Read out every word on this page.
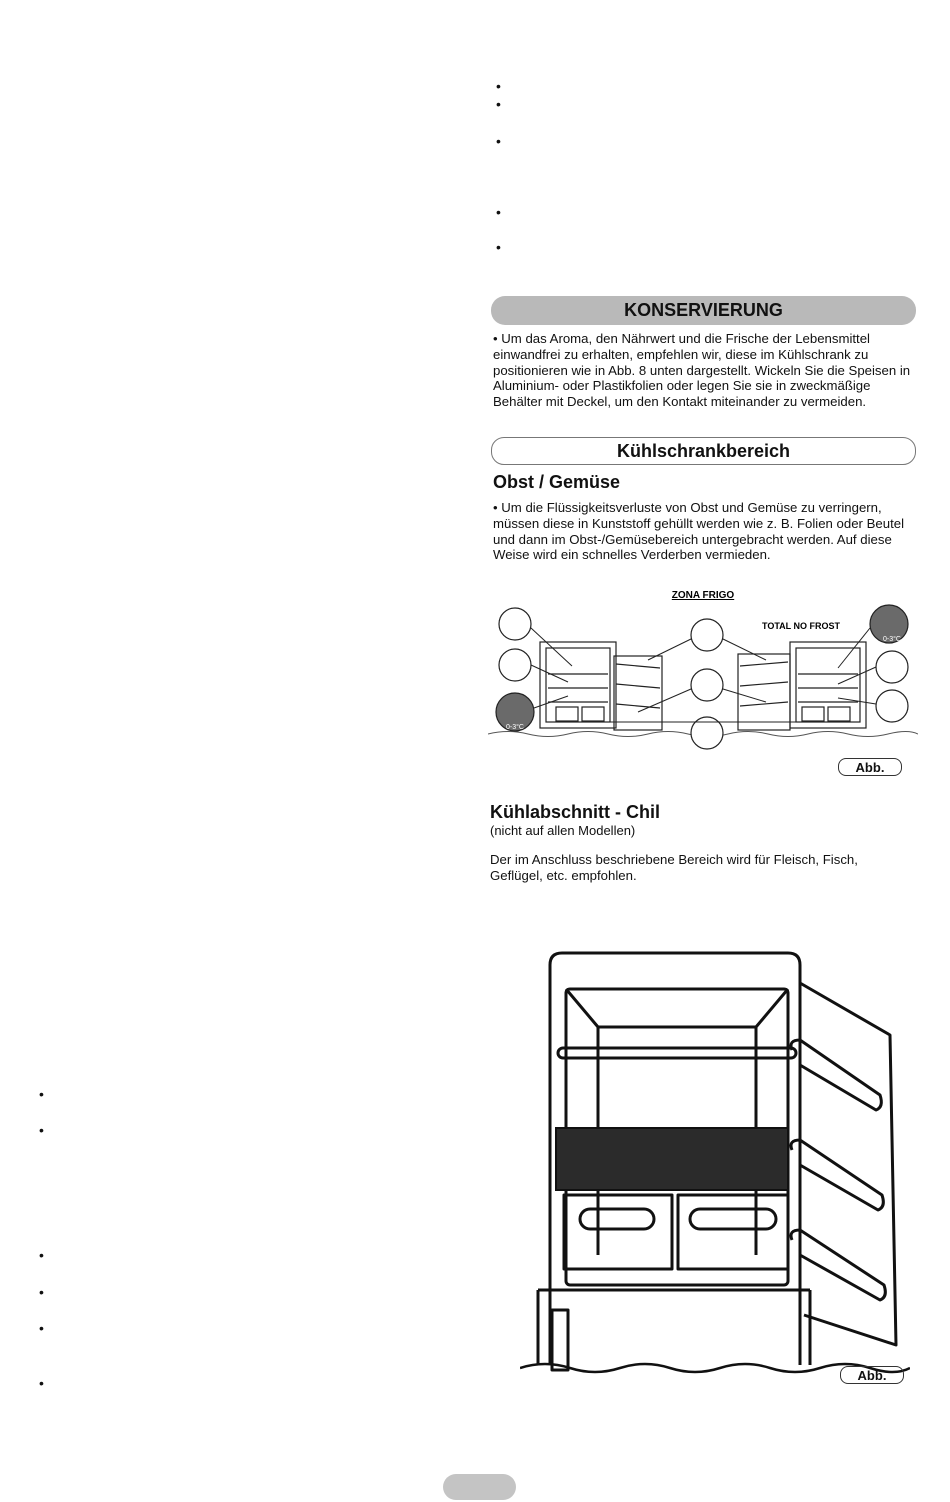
•
•
•
•
•
•
•
•
•
•
•
KONSERVIERUNG

• Um das Aroma, den Nährwert und die Frische der Lebensmittel einwandfrei zu erhalten, empfehlen wir, diese im Kühlschrank zu positionieren wie in Abb. 8 unten dargestellt. Wickeln Sie die Speisen in Aluminium- oder Plastikfolien oder legen Sie sie in zweckmäßige Behälter mit Deckel, um den Kontakt miteinander zu vermeiden.

Kühlschrankbereich
Obst / Gemüse

• Um die Flüssigkeitsverluste von Obst und Gemüse zu verringern, müssen diese in Kunststoff gehüllt werden wie z. B. Folien oder Beutel und dann im Obst-/Gemüsebereich untergebracht werden. Auf diese Weise wird ein schnelles Verderben vermieden.

ZONA FRIGO
TOTAL NO FROST
0-3°C
0-3°C
Abb.
Kühlabschnitt - Chil
(nicht auf allen Modellen)

Der im Anschluss beschriebene Bereich wird für Fleisch, Fisch, Geflügel, etc. empfohlen.

Abb.
